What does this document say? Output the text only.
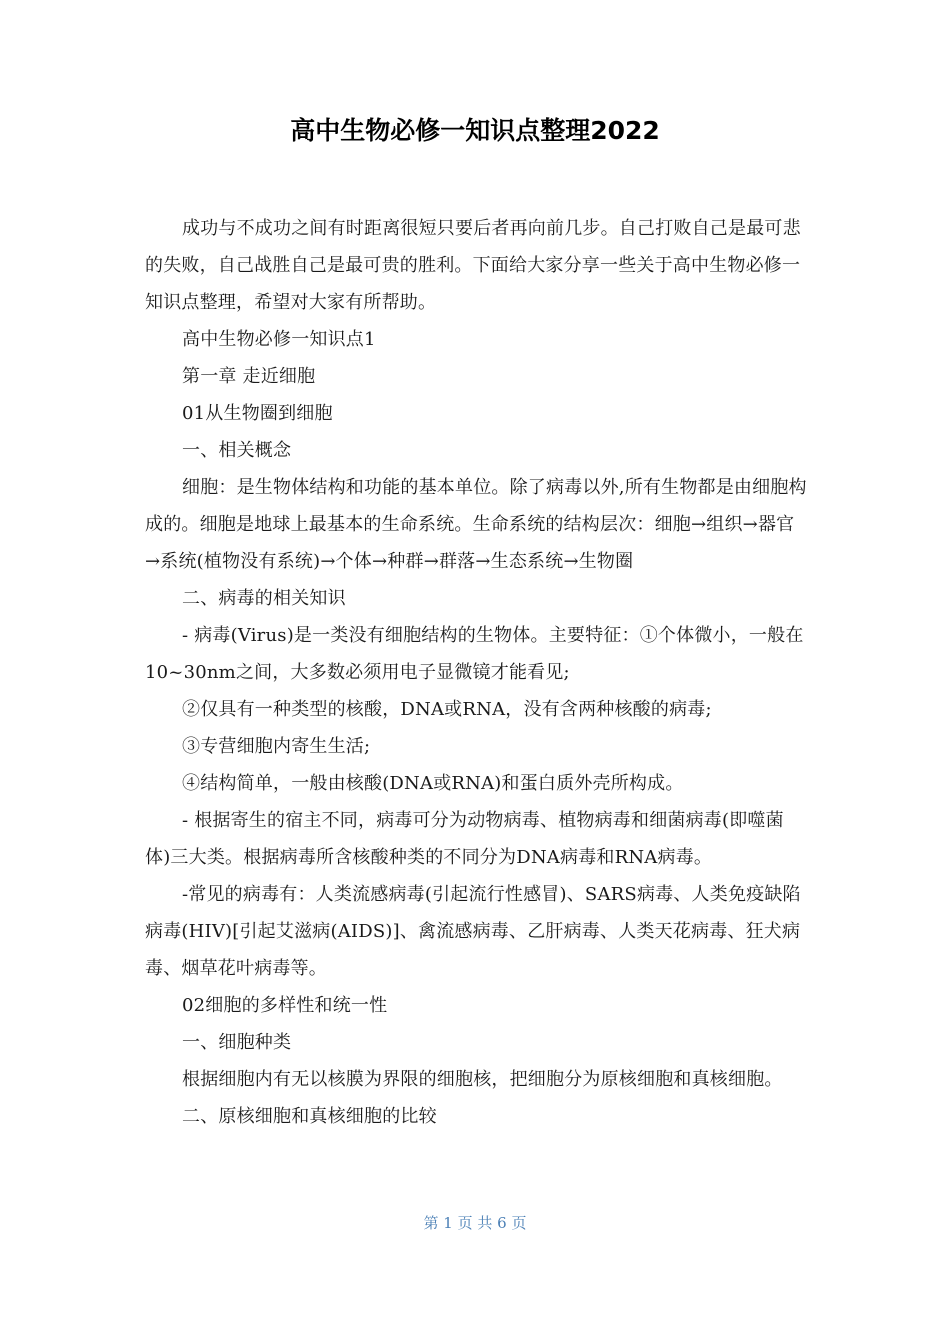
高中生物必修一知识点整理2022

成功与不成功之间有时距离很短只要后者再向前几步。自己打败自己是最可悲的失败，自己战胜自己是最可贵的胜利。下面给大家分享一些关于高中生物必修一知识点整理，希望对大家有所帮助。

高中生物必修一知识点1

第一章 走近细胞

01从生物圈到细胞

一、相关概念

细胞：是生物体结构和功能的基本单位。除了病毒以外,所有生物都是由细胞构成的。细胞是地球上最基本的生命系统。生命系统的结构层次：细胞→组织→器官→系统(植物没有系统)→个体→种群→群落→生态系统→生物圈

二、病毒的相关知识

- 病毒(Virus)是一类没有细胞结构的生物体。主要特征：①个体微小，一般在10~30nm之间，大多数必须用电子显微镜才能看见;

②仅具有一种类型的核酸，DNA或RNA，没有含两种核酸的病毒;

③专营细胞内寄生生活;

④结构简单，一般由核酸(DNA或RNA)和蛋白质外壳所构成。

- 根据寄生的宿主不同，病毒可分为动物病毒、植物病毒和细菌病毒(即噬菌体)三大类。根据病毒所含核酸种类的不同分为DNA病毒和RNA病毒。

-常见的病毒有：人类流感病毒(引起流行性感冒)、SARS病毒、人类免疫缺陷病毒(HIV)[引起艾滋病(AIDS)]、禽流感病毒、乙肝病毒、人类天花病毒、狂犬病毒、烟草花叶病毒等。

02细胞的多样性和统一性

一、细胞种类

根据细胞内有无以核膜为界限的细胞核，把细胞分为原核细胞和真核细胞。

二、原核细胞和真核细胞的比较

第 1 页 共 6 页
